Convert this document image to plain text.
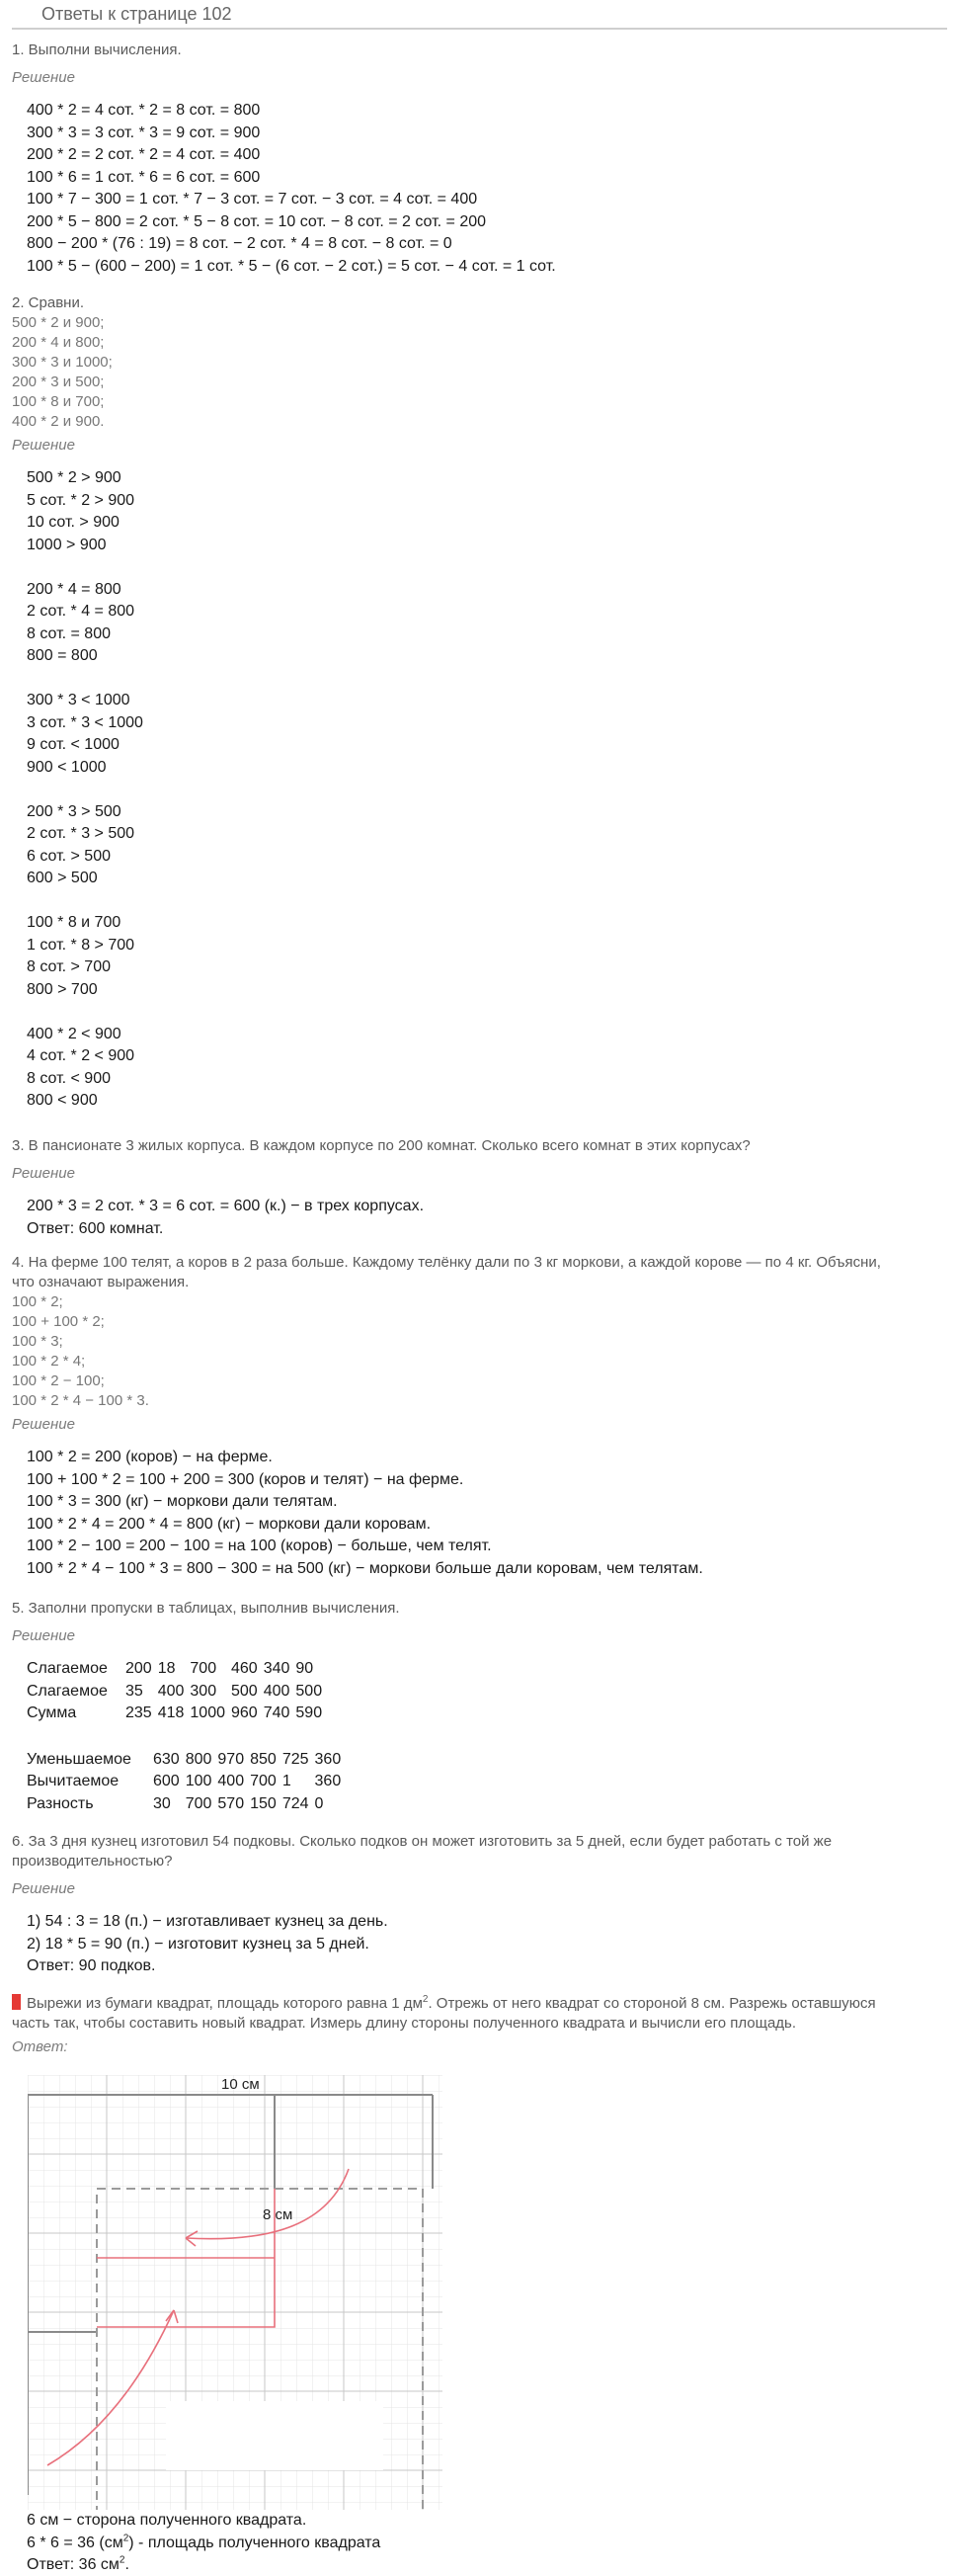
Ответы к странице 102
1. Выполни вычисления.
Решение
400 * 2 = 4 сот. * 2 = 8 сот. = 800
300 * 3 = 3 сот. * 3 = 9 сот. = 900
200 * 2 = 2 сот. * 2 = 4 сот. = 400
100 * 6 = 1 сот. * 6 = 6 сот. = 600
100 * 7 − 300 = 1 сот. * 7 − 3 сот. = 7 сот. − 3 сот. = 4 сот. = 400
200 * 5 − 800 = 2 сот. * 5 − 8 сот. = 10 сот. − 8 сот. = 2 сот. = 200
800 − 200 * (76 : 19) = 8 сот. − 2 сот. * 4 = 8 сот. − 8 сот. = 0
100 * 5 − (600 − 200) = 1 сот. * 5 − (6 сот. − 2 сот.) = 5 сот. − 4 сот. = 1 сот.
2. Сравни.
500 * 2 и 900;
200 * 4 и 800;
300 * 3 и 1000;
200 * 3 и 500;
100 * 8 и 700;
400 * 2 и 900.
Решение
500 * 2 > 900
5 сот. * 2 > 900
10 сот. > 900
1000 > 900
200 * 4 = 800
2 сот. * 4 = 800
8 сот. = 800
800 = 800
300 * 3 < 1000
3 сот. * 3 < 1000
9 сот. < 1000
900 < 1000
200 * 3 > 500
2 сот. * 3 > 500
6 сот. > 500
600 > 500
100 * 8 и 700
1 сот. * 8 > 700
8 сот. > 700
800 > 700
400 * 2 < 900
4 сот. * 2 < 900
8 сот. < 900
800 < 900
3. В пансионате 3 жилых корпуса. В каждом корпусе по 200 комнат. Сколько всего комнат в этих корпусах?
Решение
200 * 3 = 2 сот. * 3 = 6 сот. = 600 (к.) − в трех корпусах.
Ответ: 600 комнат.
4. На ферме 100 телят, а коров в 2 раза больше. Каждому телёнку дали по 3 кг моркови, а каждой корове — по 4 кг. Объясни,
что означают выражения.
100 * 2;
100 + 100 * 2;
100 * 3;
100 * 2 * 4;
100 * 2 − 100;
100 * 2 * 4 − 100 * 3.
Решение
100 * 2 = 200 (коров) − на ферме.
100 + 100 * 2 = 100 + 200 = 300 (коров и телят) − на ферме.
100 * 3 = 300 (кг) − моркови дали телятам.
100 * 2 * 4 = 200 * 4 = 800 (кг) − моркови дали коровам.
100 * 2 − 100 = 200 − 100 = на 100 (коров) − больше, чем телят.
100 * 2 * 4 − 100 * 3 = 800 − 300 = на 500 (кг) − моркови больше дали коровам, чем телятам.
5. Заполни пропуски в таблицах, выполнив вычисления.
Решение
Слагаемое	200	18	700	460	340	90
Слагаемое	35	400	300	500	400	500
Сумма	235	418	1000	960	740	590
Уменьшаемое	630	800	970	850	725	360
Вычитаемое	600	100	400	700	1	360
Разность	30	700	570	150	724	0
6. За 3 дня кузнец изготовил 54 подковы. Сколько подков он может изготовить за 5 дней, если будет работать с той же
производительностью?
Решение
1) 54 : 3 = 18 (п.) − изготавливает кузнец за день.
2) 18 * 5 = 90 (п.) − изготовит кузнец за 5 дней.
Ответ: 90 подков.
Вырежи из бумаги квадрат, площадь которого равна 1 $дм^2$. Отрежь от него квадрат со стороной 8 см. Разрежь оставшуюся
часть так, чтобы составить новый квадрат. Измерь длину стороны полученного квадрата и вычисли его площадь.
Ответ:
10 см
8 см
6 см − сторона полученного квадрата.
6 * 6 = 36 $(см^2)$ - площадь полученного квадрата
Ответ: 36 $см^2$.
